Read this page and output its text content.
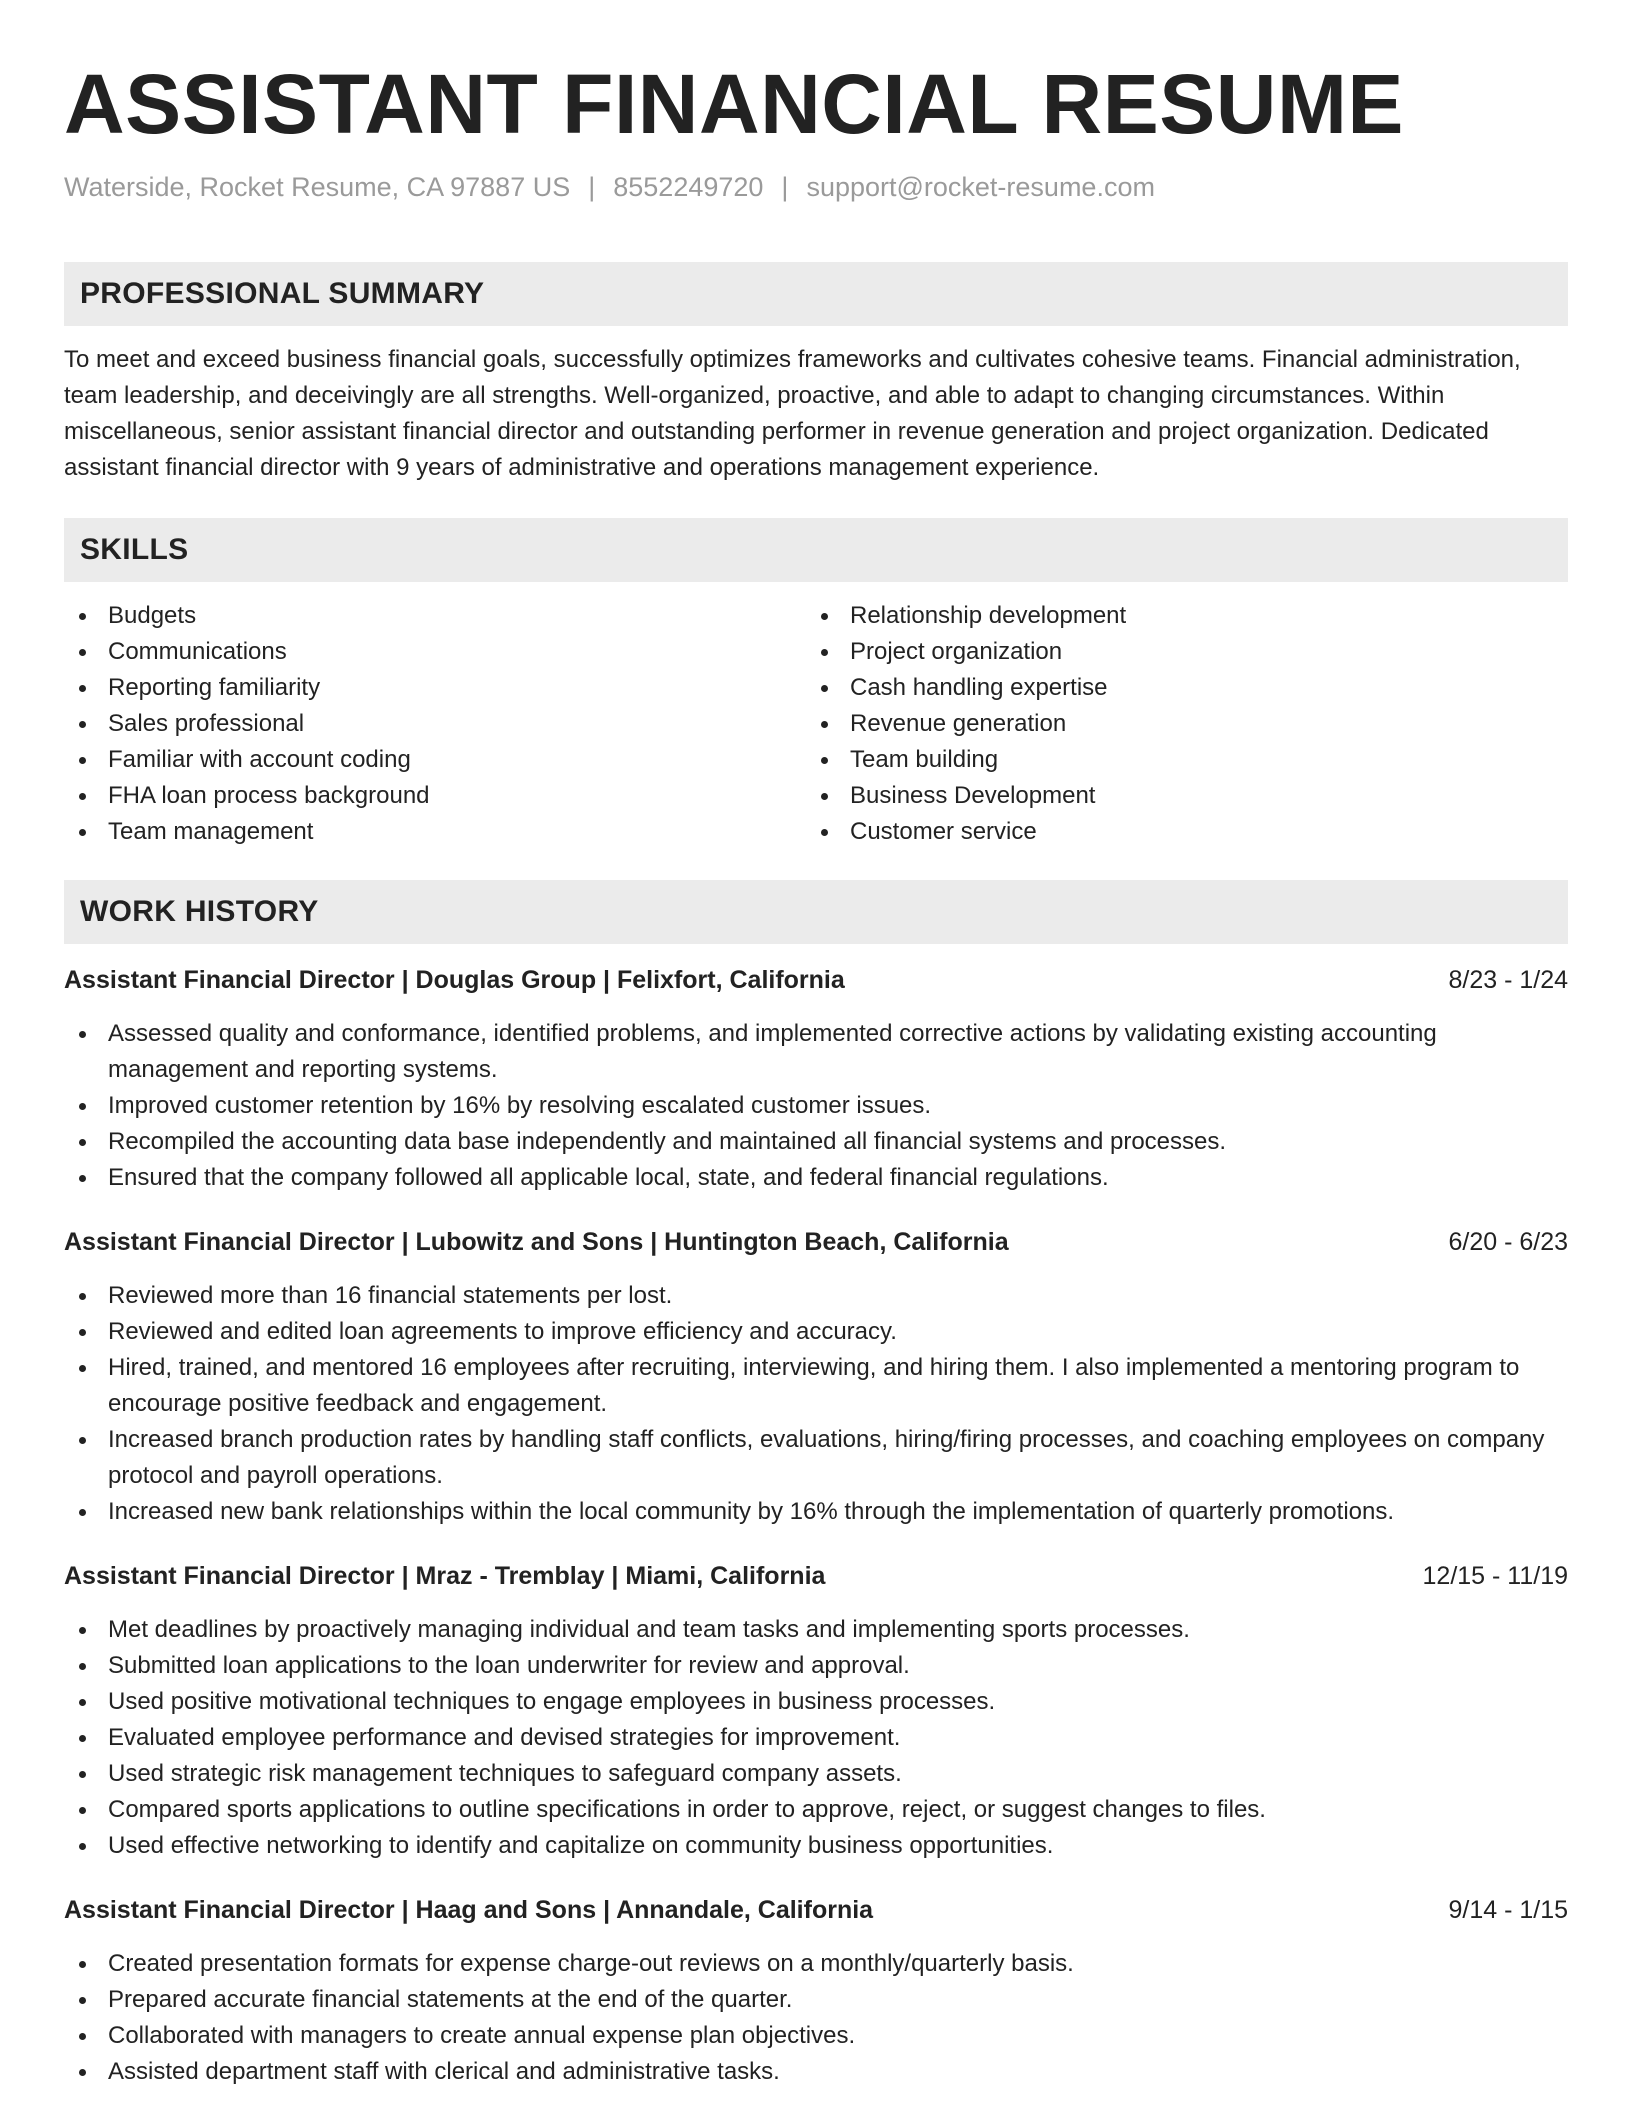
ASSISTANT FINANCIAL RESUME
Waterside, Rocket Resume, CA 97887 US | 8552249720 | support@rocket-resume.com
PROFESSIONAL SUMMARY
To meet and exceed business financial goals, successfully optimizes frameworks and cultivates cohesive teams. Financial administration, team leadership, and deceivingly are all strengths. Well-organized, proactive, and able to adapt to changing circumstances. Within miscellaneous, senior assistant financial director and outstanding performer in revenue generation and project organization. Dedicated assistant financial director with 9 years of administrative and operations management experience.
SKILLS
Budgets
Communications
Reporting familiarity
Sales professional
Familiar with account coding
FHA loan process background
Team management
Relationship development
Project organization
Cash handling expertise
Revenue generation
Team building
Business Development
Customer service
WORK HISTORY
Assistant Financial Director | Douglas Group | Felixfort, California	8/23 - 1/24
Assessed quality and conformance, identified problems, and implemented corrective actions by validating existing accounting management and reporting systems.
Improved customer retention by 16% by resolving escalated customer issues.
Recompiled the accounting data base independently and maintained all financial systems and processes.
Ensured that the company followed all applicable local, state, and federal financial regulations.
Assistant Financial Director | Lubowitz and Sons | Huntington Beach, California	6/20 - 6/23
Reviewed more than 16 financial statements per lost.
Reviewed and edited loan agreements to improve efficiency and accuracy.
Hired, trained, and mentored 16 employees after recruiting, interviewing, and hiring them. I also implemented a mentoring program to encourage positive feedback and engagement.
Increased branch production rates by handling staff conflicts, evaluations, hiring/firing processes, and coaching employees on company protocol and payroll operations.
Increased new bank relationships within the local community by 16% through the implementation of quarterly promotions.
Assistant Financial Director | Mraz - Tremblay | Miami, California	12/15 - 11/19
Met deadlines by proactively managing individual and team tasks and implementing sports processes.
Submitted loan applications to the loan underwriter for review and approval.
Used positive motivational techniques to engage employees in business processes.
Evaluated employee performance and devised strategies for improvement.
Used strategic risk management techniques to safeguard company assets.
Compared sports applications to outline specifications in order to approve, reject, or suggest changes to files.
Used effective networking to identify and capitalize on community business opportunities.
Assistant Financial Director | Haag and Sons | Annandale, California	9/14 - 1/15
Created presentation formats for expense charge-out reviews on a monthly/quarterly basis.
Prepared accurate financial statements at the end of the quarter.
Collaborated with managers to create annual expense plan objectives.
Assisted department staff with clerical and administrative tasks.
